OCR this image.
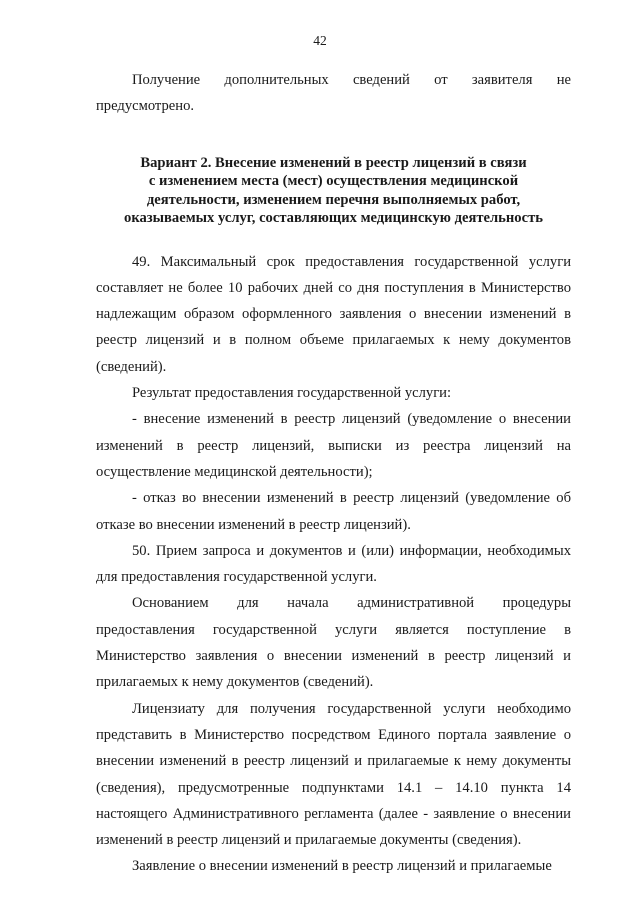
42

Получение дополнительных сведений от заявителя не

предусмотрено.

Вариант 2. Внесение изменений в реестр лицензий в связи
с изменением места (мест) осуществления медицинской
деятельности, изменением перечня выполняемых работ,
оказываемых услуг, составляющих медицинскую деятельность

49. Максимальный срок предоставления государственной услуги составляет не более 10 рабочих дней со дня поступления в Министерство надлежащим образом оформленного заявления о внесении изменений в реестр лицензий и в полном объеме прилагаемых к нему документов (сведений).

Результат предоставления государственной услуги:

- внесение изменений в реестр лицензий (уведомление о внесении изменений в реестр лицензий, выписки из реестра лицензий на осуществление медицинской деятельности);

- отказ во внесении изменений в реестр лицензий (уведомление об отказе во внесении изменений в реестр лицензий).

50. Прием запроса и документов и (или) информации, необходимых для предоставления государственной услуги.

Основанием для начала административной процедуры предоставления государственной услуги является поступление в Министерство заявления о внесении изменений в реестр лицензий и прилагаемых к нему документов (сведений).

Лицензиату для получения государственной услуги необходимо представить в Министерство посредством Единого портала заявление о внесении изменений в реестр лицензий и прилагаемые к нему документы (сведения), предусмотренные подпунктами 14.1 – 14.10 пункта 14 настоящего Административного регламента (далее - заявление о внесении изменений в реестр лицензий и прилагаемые документы (сведения).

Заявление о внесении изменений в реестр лицензий и прилагаемые
